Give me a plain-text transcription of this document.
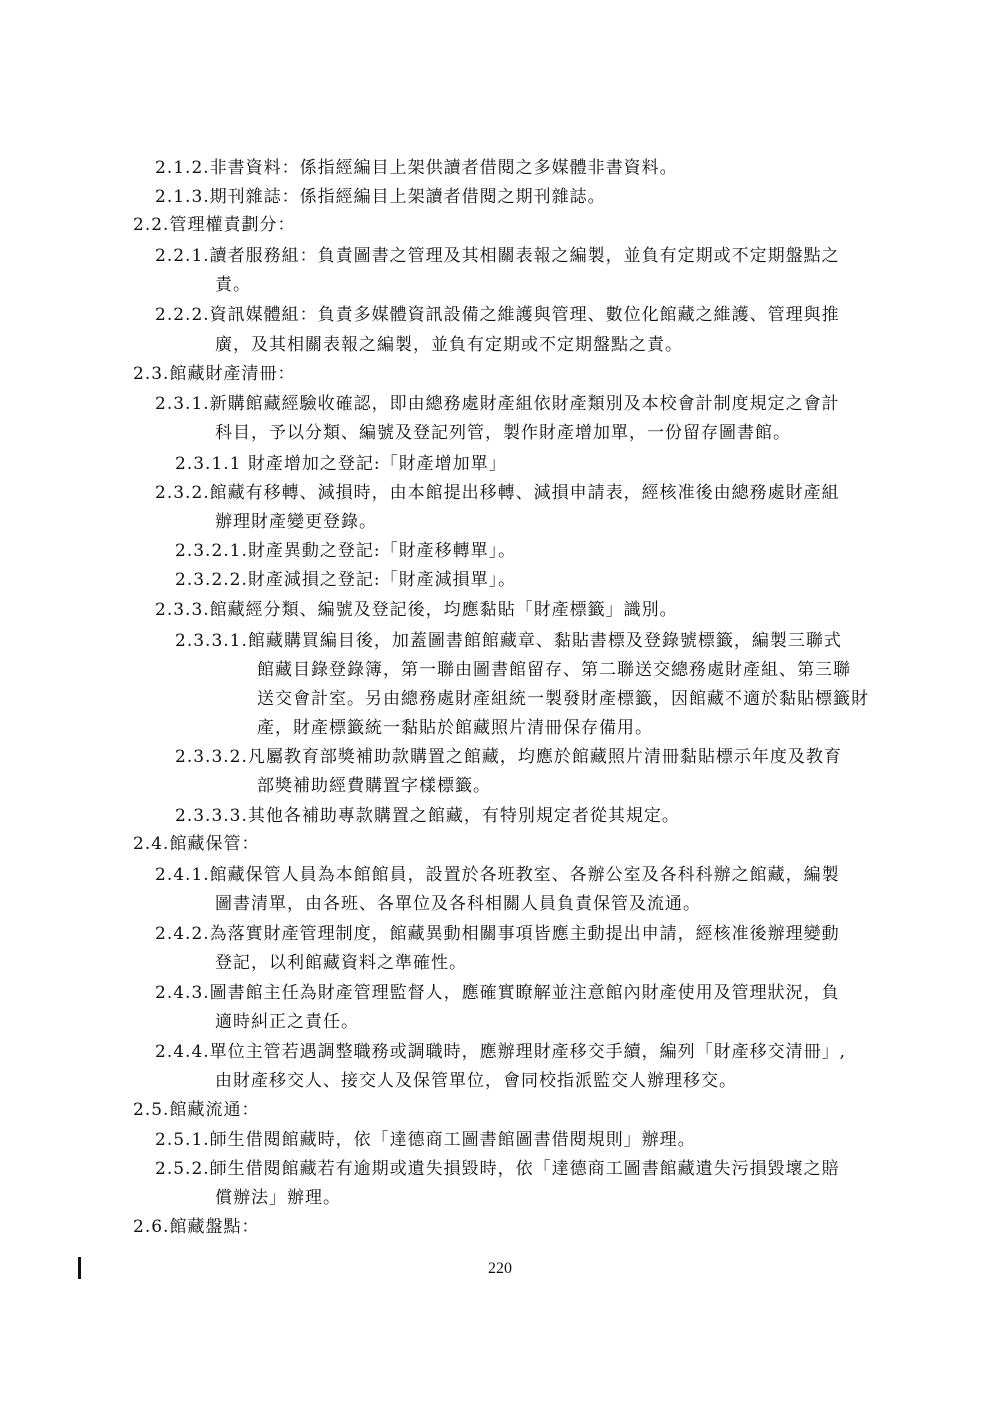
2.1.2.非書資料：係指經編目上架供讀者借閱之多媒體非書資料。
2.1.3.期刊雜誌：係指經編目上架讀者借閱之期刊雜誌。
2.2.管理權責劃分：
2.2.1.讀者服務組：負責圖書之管理及其相關表報之編製，並負有定期或不定期盤點之
責。
2.2.2.資訊媒體組：負責多媒體資訊設備之維護與管理、數位化館藏之維護、管理與推
廣，及其相關表報之編製，並負有定期或不定期盤點之責。
2.3.館藏財產清冊：
2.3.1.新購館藏經驗收確認，即由總務處財產組依財產類別及本校會計制度規定之會計
科目，予以分類、編號及登記列管，製作財產增加單，一份留存圖書館。
2.3.1.1 財產增加之登記:「財產增加單」
2.3.2.館藏有移轉、減損時，由本館提出移轉、減損申請表，經核准後由總務處財產組
辦理財產變更登錄。
2.3.2.1.財產異動之登記:「財產移轉單」。
2.3.2.2.財產減損之登記:「財產減損單」。
2.3.3.館藏經分類、編號及登記後，均應黏貼「財產標籤」識別。
2.3.3.1.館藏購買編目後，加蓋圖書館館藏章、黏貼書標及登錄號標籤，編製三聯式
館藏目錄登錄簿，第一聯由圖書館留存、第二聯送交總務處財產組、第三聯
送交會計室。另由總務處財產組統一製發財產標籤，因館藏不適於黏貼標籤財
產，財產標籤統一黏貼於館藏照片清冊保存備用。
2.3.3.2.凡屬教育部獎補助款購置之館藏，均應於館藏照片清冊黏貼標示年度及教育
部獎補助經費購置字樣標籤。
2.3.3.3.其他各補助專款購置之館藏，有特別規定者從其規定。
2.4.館藏保管：
2.4.1.館藏保管人員為本館館員，設置於各班教室、各辦公室及各科科辦之館藏，編製
圖書清單，由各班、各單位及各科相關人員負責保管及流通。
2.4.2.為落實財產管理制度，館藏異動相關事項皆應主動提出申請，經核准後辦理變動
登記，以利館藏資料之準確性。
2.4.3.圖書館主任為財產管理監督人，應確實瞭解並注意館內財產使用及管理狀況，負
適時糾正之責任。
2.4.4.單位主管若遇調整職務或調職時，應辦理財產移交手續，編列「財產移交清冊」,
由財產移交人、接交人及保管單位，會同校指派監交人辦理移交。
2.5.館藏流通：
2.5.1.師生借閱館藏時，依「達德商工圖書館圖書借閱規則」辦理。
2.5.2.師生借閱館藏若有逾期或遺失損毀時，依「達德商工圖書館藏遺失污損毀壞之賠
償辦法」辦理。
2.6.館藏盤點：
220
